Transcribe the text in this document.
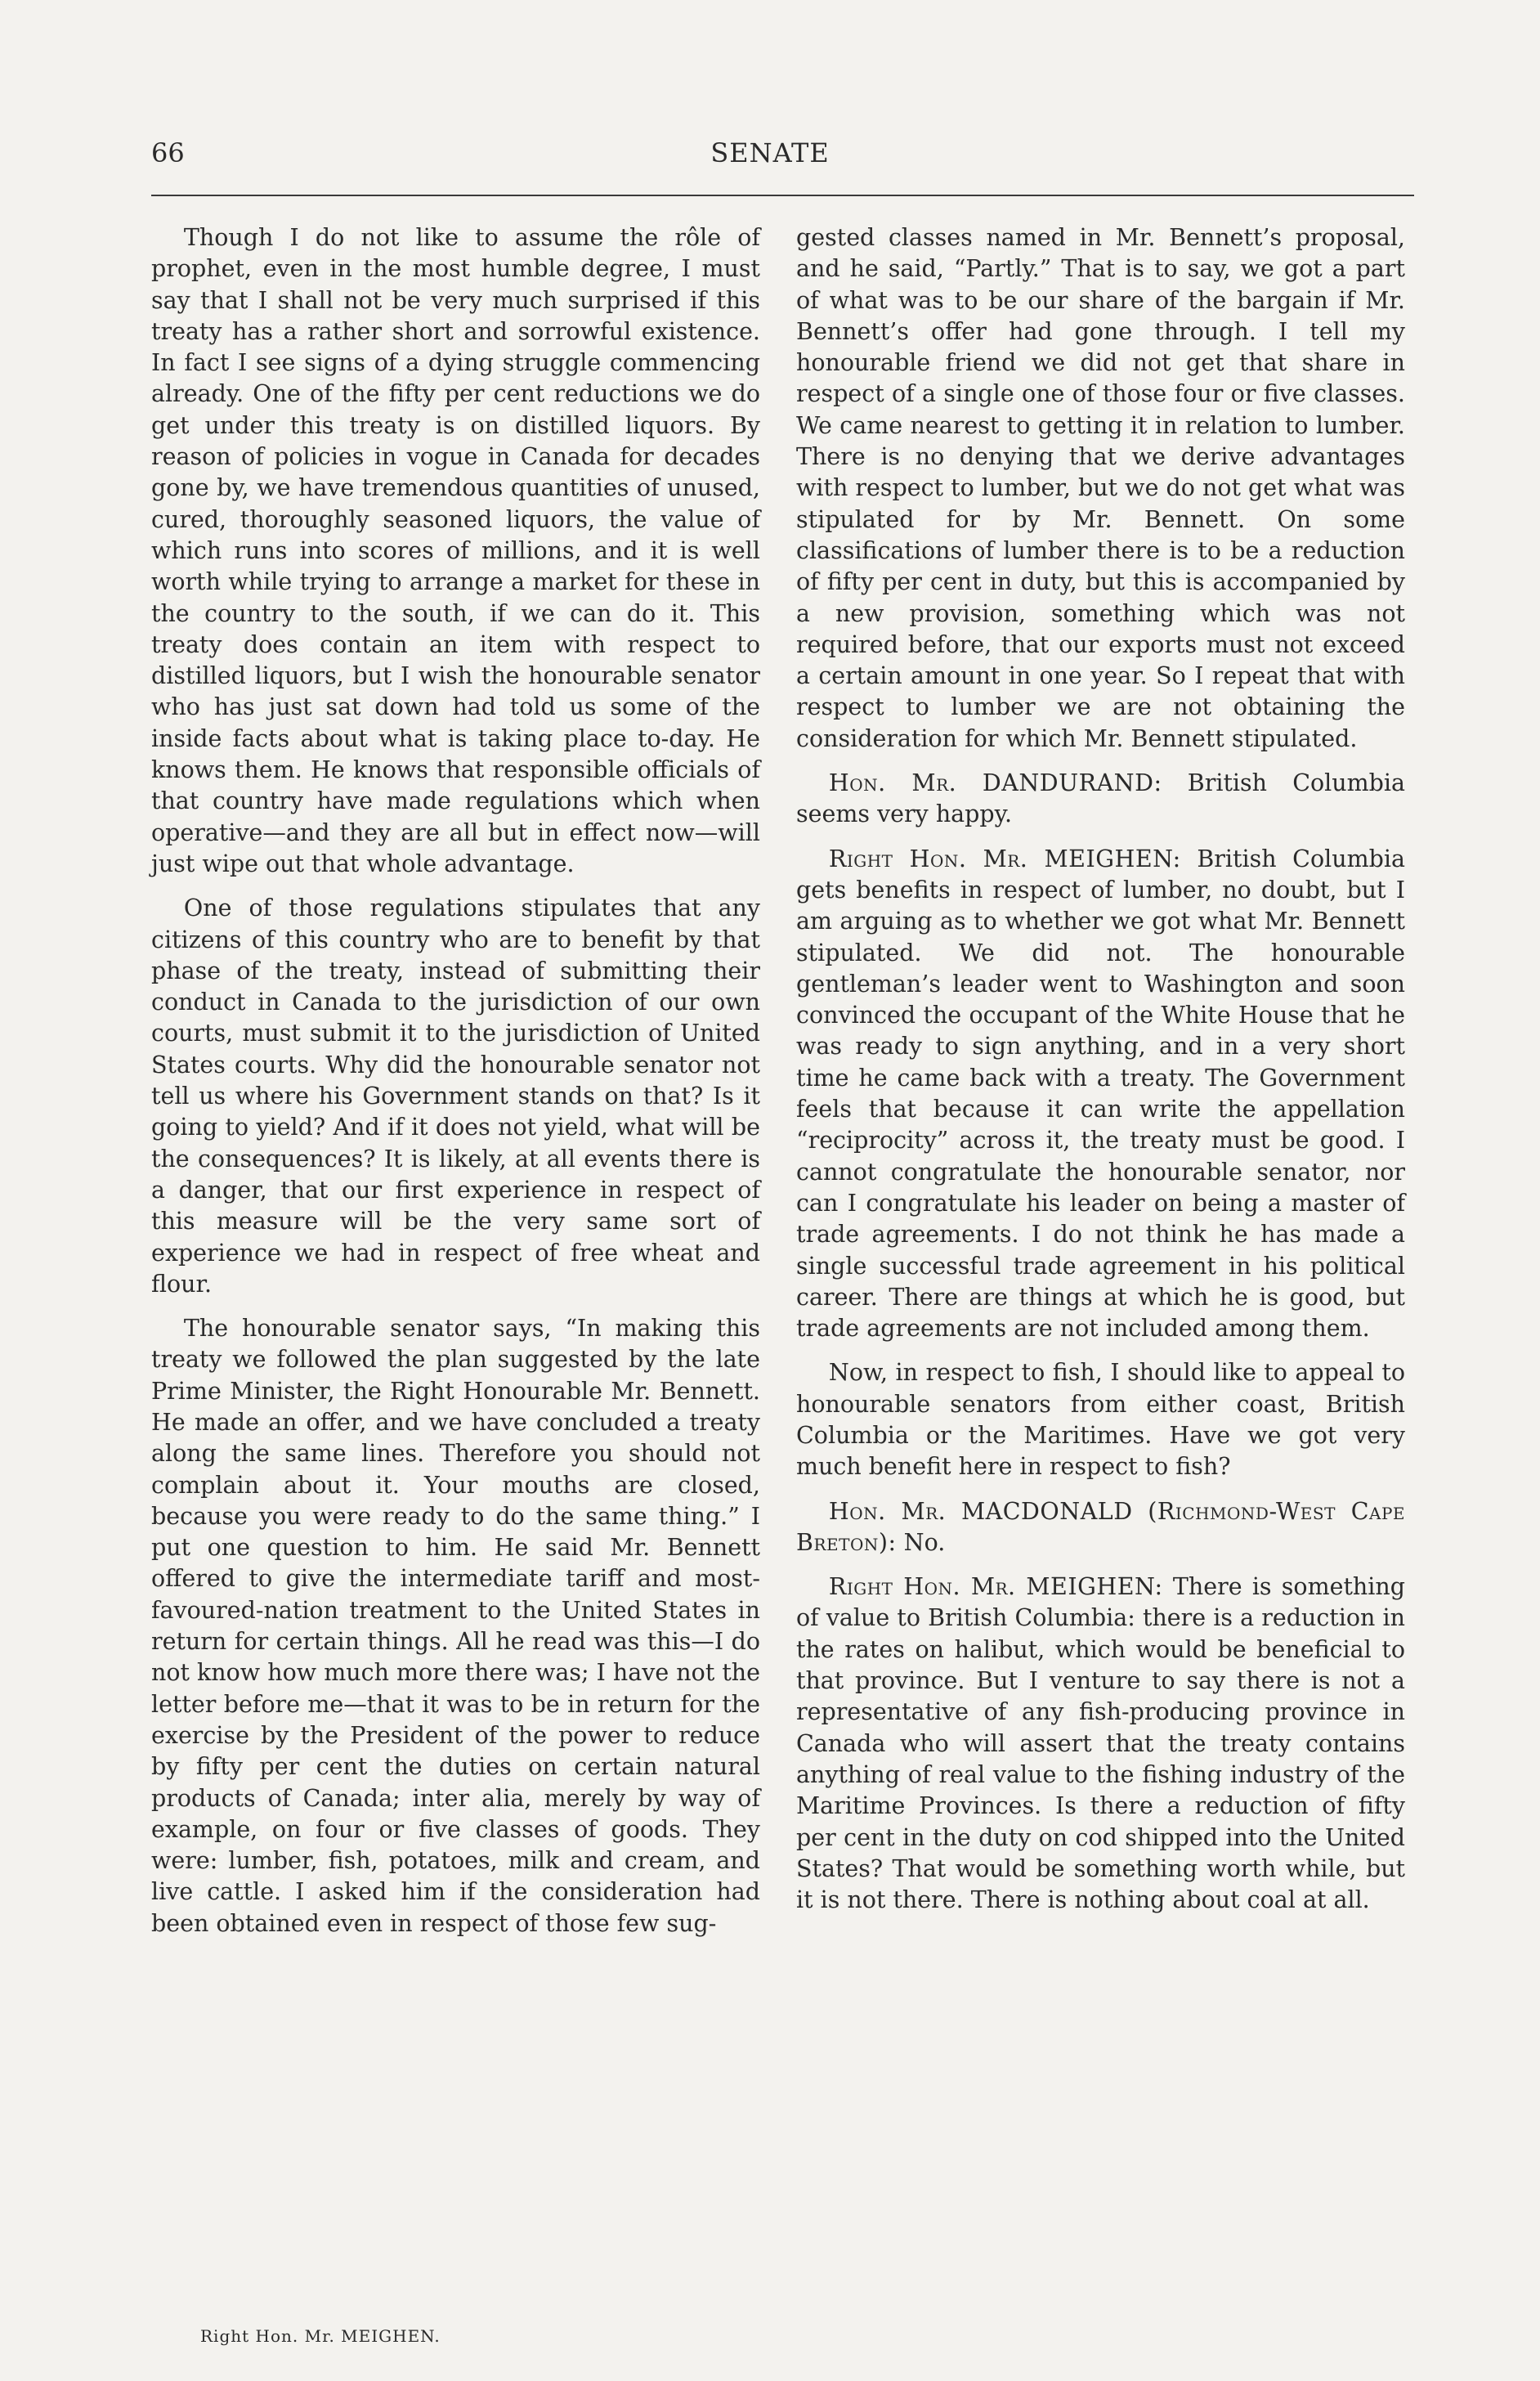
66	SENATE

Though I do not like to assume the rôle of prophet, even in the most humble degree, I must say that I shall not be very much surprised if this treaty has a rather short and sorrowful existence. In fact I see signs of a dying struggle commencing already. One of the fifty per cent reductions we do get under this treaty is on distilled liquors. By reason of policies in vogue in Canada for decades gone by, we have tremendous quantities of unused, cured, thoroughly seasoned liquors, the value of which runs into scores of millions, and it is well worth while trying to arrange a market for these in the country to the south, if we can do it. This treaty does contain an item with respect to distilled liquors, but I wish the honourable senator who has just sat down had told us some of the inside facts about what is taking place to-day. He knows them. He knows that responsible officials of that country have made regulations which when operative—and they are all but in effect now—will just wipe out that whole advantage.

One of those regulations stipulates that any citizens of this country who are to benefit by that phase of the treaty, instead of submitting their conduct in Canada to the jurisdiction of our own courts, must submit it to the jurisdiction of United States courts. Why did the honourable senator not tell us where his Government stands on that? Is it going to yield? And if it does not yield, what will be the consequences? It is likely, at all events there is a danger, that our first experience in respect of this measure will be the very same sort of experience we had in respect of free wheat and flour.

The honourable senator says, “In making this treaty we followed the plan suggested by the late Prime Minister, the Right Honourable Mr. Bennett. He made an offer, and we have concluded a treaty along the same lines. Therefore you should not complain about it. Your mouths are closed, because you were ready to do the same thing.” I put one question to him. He said Mr. Bennett offered to give the intermediate tariff and most-favoured-nation treatment to the United States in return for certain things. All he read was this—I do not know how much more there was; I have not the letter before me—that it was to be in return for the exercise by the President of the power to reduce by fifty per cent the duties on certain natural products of Canada; inter alia, merely by way of example, on four or five classes of goods. They were: lumber, fish, potatoes, milk and cream, and live cattle. I asked him if the consideration had been obtained even in respect of those few sug-

gested classes named in Mr. Bennett’s proposal, and he said, “Partly.” That is to say, we got a part of what was to be our share of the bargain if Mr. Bennett’s offer had gone through. I tell my honourable friend we did not get that share in respect of a single one of those four or five classes. We came nearest to getting it in relation to lumber. There is no denying that we derive advantages with respect to lumber, but we do not get what was stipulated for by Mr. Bennett. On some classifications of lumber there is to be a reduction of fifty per cent in duty, but this is accompanied by a new provision, something which was not required before, that our exports must not exceed a certain amount in one year. So I repeat that with respect to lumber we are not obtaining the consideration for which Mr. Bennett stipulated.

Hon. Mr. DANDURAND: British Columbia seems very happy.

Right Hon. Mr. MEIGHEN: British Columbia gets benefits in respect of lumber, no doubt, but I am arguing as to whether we got what Mr. Bennett stipulated. We did not. The honourable gentleman’s leader went to Washington and soon convinced the occupant of the White House that he was ready to sign anything, and in a very short time he came back with a treaty. The Government feels that because it can write the appellation “reciprocity” across it, the treaty must be good. I cannot congratulate the honourable senator, nor can I congratulate his leader on being a master of trade agreements. I do not think he has made a single successful trade agreement in his political career. There are things at which he is good, but trade agreements are not included among them.

Now, in respect to fish, I should like to appeal to honourable senators from either coast, British Columbia or the Maritimes. Have we got very much benefit here in respect to fish?

Hon. Mr. MACDONALD (Richmond-West Cape Breton): No.

Right Hon. Mr. MEIGHEN: There is something of value to British Columbia: there is a reduction in the rates on halibut, which would be beneficial to that province. But I venture to say there is not a representative of any fish-producing province in Canada who will assert that the treaty contains anything of real value to the fishing industry of the Maritime Provinces. Is there a reduction of fifty per cent in the duty on cod shipped into the United States? That would be something worth while, but it is not there. There is nothing about coal at all.

Right Hon. Mr. MEIGHEN.
